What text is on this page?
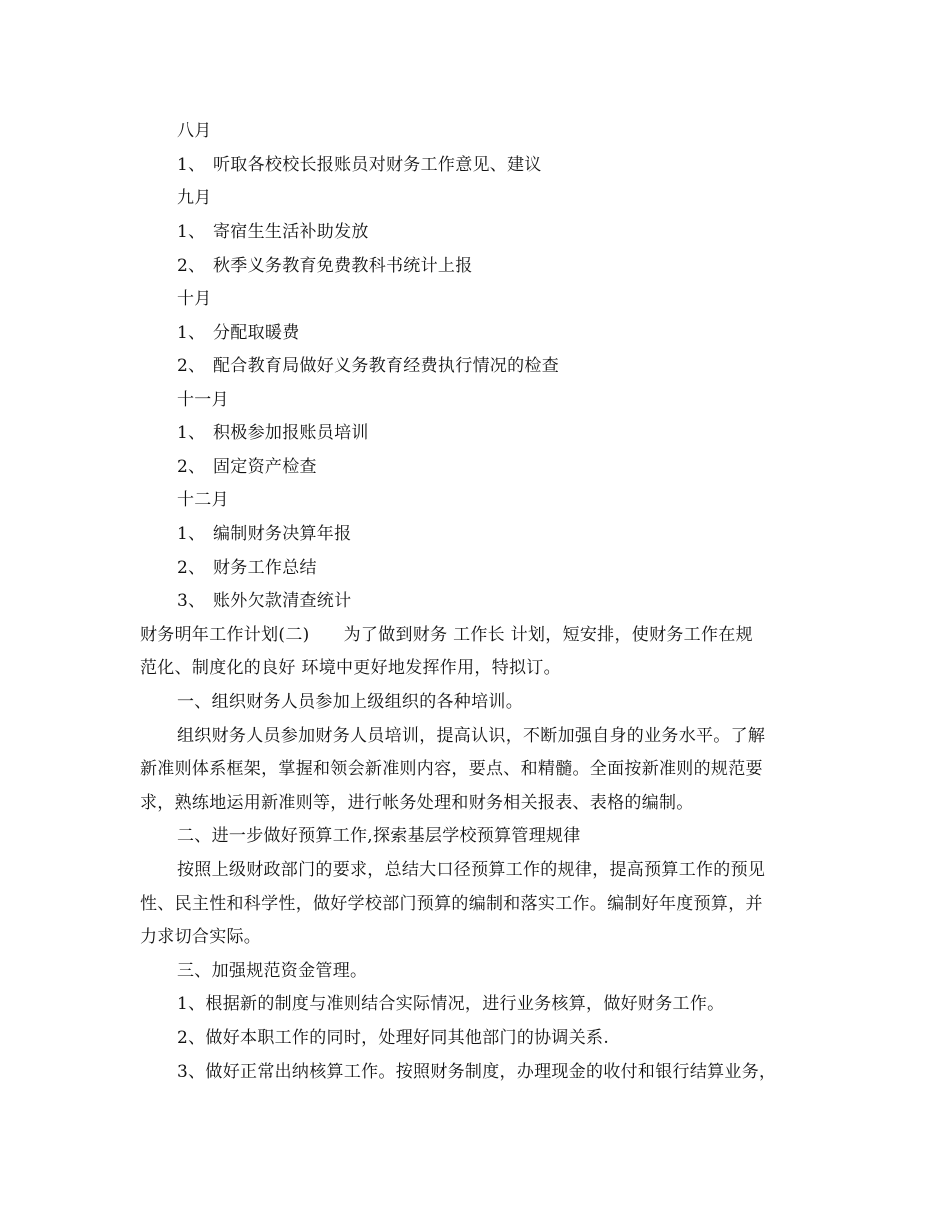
八月
1、 听取各校校长报账员对财务工作意见、建议
九月
1、 寄宿生生活补助发放
2、 秋季义务教育免费教科书统计上报
十月
1、 分配取暖费
2、 配合教育局做好义务教育经费执行情况的检查
十一月
1、 积极参加报账员培训
2、 固定资产检查
十二月
1、 编制财务决算年报
2、 财务工作总结
3、 账外欠款清查统计
财务明年工作计划(二) 为了做到财务 工作长 计划，短安排，使财务工作在规
范化、制度化的良好 环境中更好地发挥作用，特拟订。
一、组织财务人员参加上级组织的各种培训。
组织财务人员参加财务人员培训，提高认识，不断加强自身的业务水平。了解
新准则体系框架，掌握和领会新准则内容，要点、和精髓。全面按新准则的规范要
求，熟练地运用新准则等，进行帐务处理和财务相关报表、表格的编制。
二、进一步做好预算工作,探索基层学校预算管理规律
按照上级财政部门的要求，总结大口径预算工作的规律，提高预算工作的预见
性、民主性和科学性，做好学校部门预算的编制和落实工作。编制好年度预算，并
力求切合实际。
三、加强规范资金管理。
1、根据新的制度与准则结合实际情况，进行业务核算，做好财务工作。
2、做好本职工作的同时，处理好同其他部门的协调关系.
3、做好正常出纳核算工作。按照财务制度，办理现金的收付和银行结算业务，
